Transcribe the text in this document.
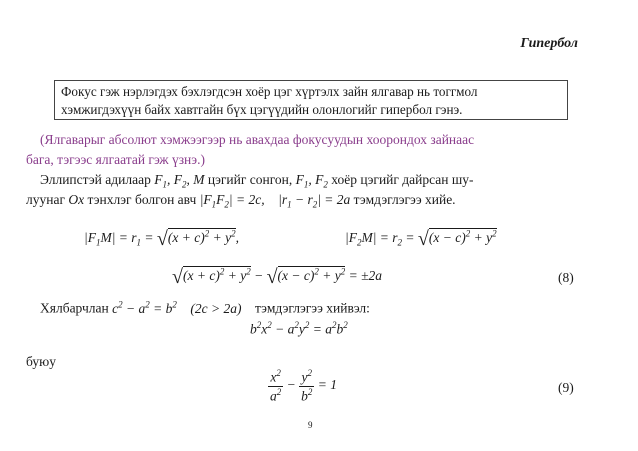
Гипербол
Фокус гэж нэрлэгдэх бэхлэгдсэн хоёр цэг хүртэлх зайн ялгавар нь тоггмол
хэмжигдэхүүн байх хавтгайн бүх цэгүүдийн олонлогийг гипербол гэнэ.
(Ялгаварыг абсолют хэмжээгээр нь авахдаа фокусуудын хоорондох зайнаас
бага, тэгээс ялгаатай гэж үзнэ.)
Эллипстэй адилаар $F_1$, $F_2$, M цэгийг сонгон, $F_1$, $F_2$ хоёр цэгийг дайрсан шу-
луунаг Ox тэнхлэг болгон авч $|F_1F_2| = 2c$,    $|r_1 - r_2| = 2a$ тэмдэглэгээ хийе.
$|F_1M| = r_1 = √(x + c)^2 + y^2$,	$|F_2M| = r_2 = √(x - c)^2 + y^2$
$√(x + c)^2 + y^2 - √(x - c)^2 + y^2 = \pm 2a$	(8)
Хялбарчлан $c^2 - a^2 = b^2$    (2c > 2a)    тэмдэглэгээ хийвэл:
$b^2x^2 - a^2y^2 = a^2b^2$
буюу
$\frac{x^2}{a^2} - \frac{y^2}{b^2} = 1$	(9)
9
